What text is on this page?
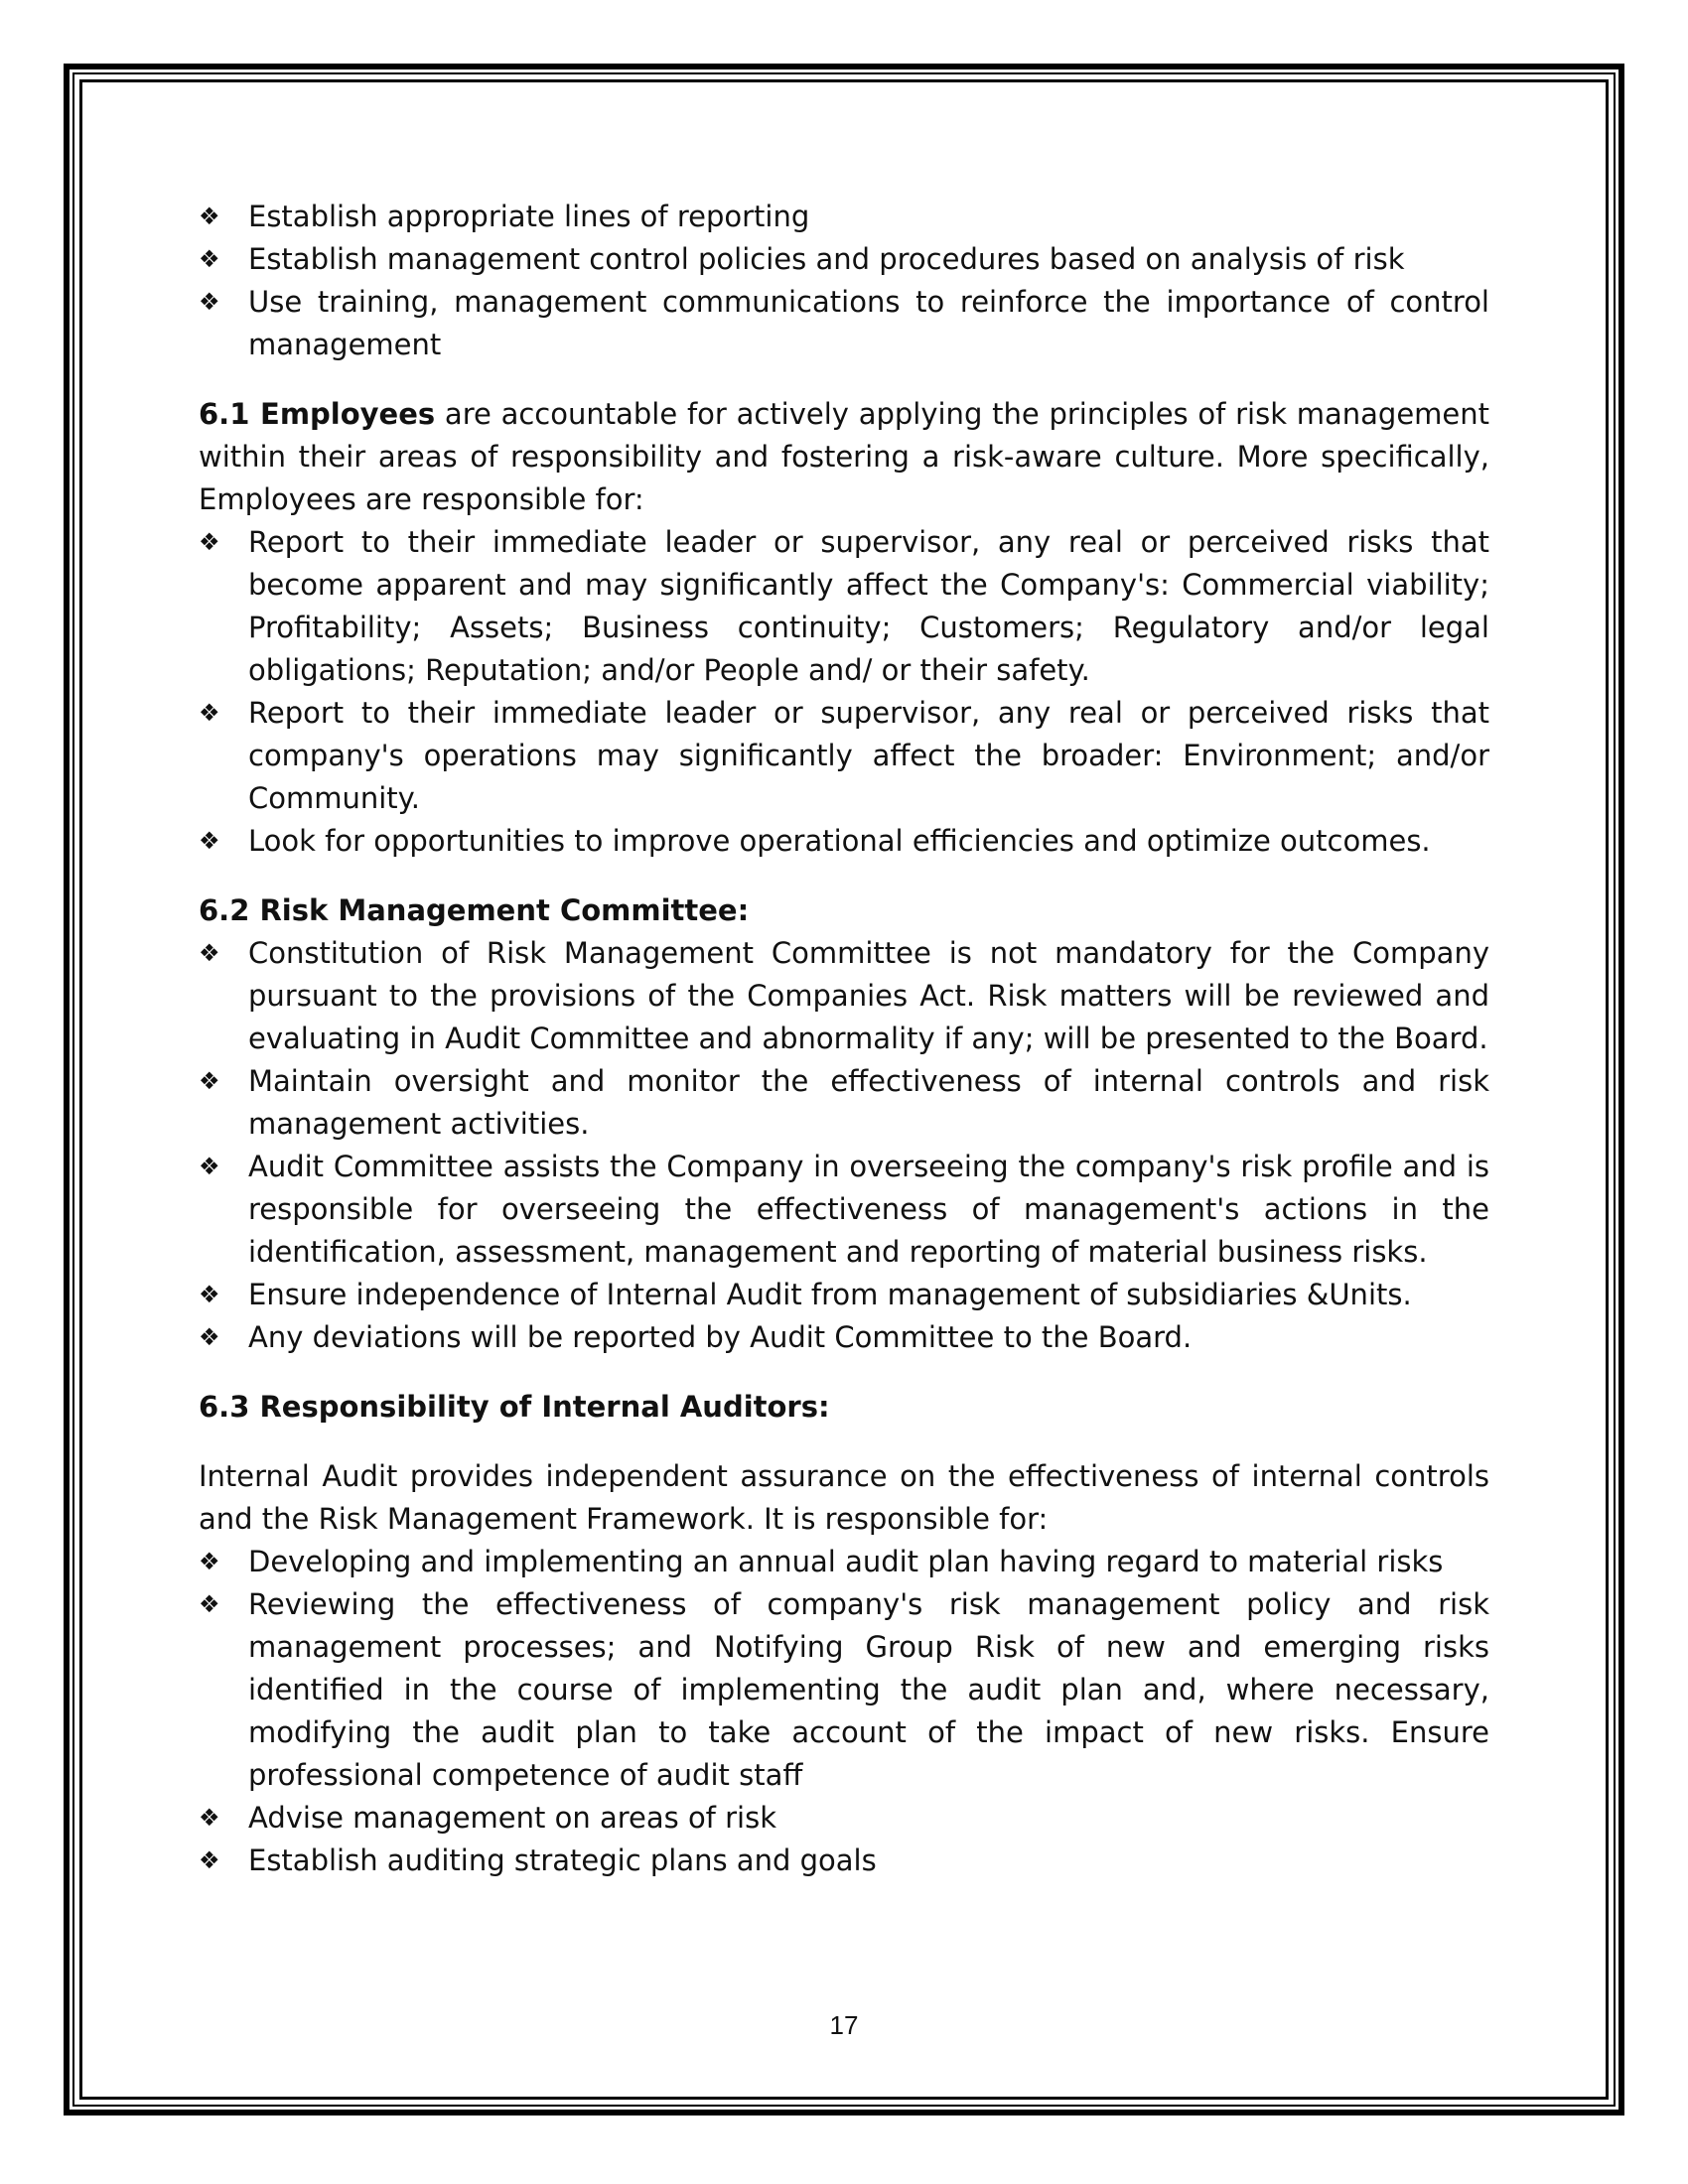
❖ Establish appropriate lines of reporting
❖ Establish management control policies and procedures based on analysis of risk
❖ Use training, management communications to reinforce the importance of control management

6.1 Employees are accountable for actively applying the principles of risk management within their areas of responsibility and fostering a risk-aware culture. More specifically, Employees are responsible for:

❖ Report to their immediate leader or supervisor, any real or perceived risks that become apparent and may significantly affect the Company's: Commercial viability; Profitability; Assets; Business continuity; Customers; Regulatory and/or legal obligations; Reputation; and/or People and/ or their safety.
❖ Report to their immediate leader or supervisor, any real or perceived risks that company's operations may significantly affect the broader: Environment; and/or Community.
❖ Look for opportunities to improve operational efficiencies and optimize outcomes.

6.2 Risk Management Committee:

❖ Constitution of Risk Management Committee is not mandatory for the Company pursuant to the provisions of the Companies Act. Risk matters will be reviewed and evaluating in Audit Committee and abnormality if any; will be presented to the Board.
❖ Maintain oversight and monitor the effectiveness of internal controls and risk management activities.
❖ Audit Committee assists the Company in overseeing the company's risk profile and is responsible for overseeing the effectiveness of management's actions in the identification, assessment, management and reporting of material business risks.
❖ Ensure independence of Internal Audit from management of subsidiaries &Units.
❖ Any deviations will be reported by Audit Committee to the Board.

6.3 Responsibility of Internal Auditors:

Internal Audit provides independent assurance on the effectiveness of internal controls and the Risk Management Framework. It is responsible for:

❖ Developing and implementing an annual audit plan having regard to material risks
❖ Reviewing the effectiveness of company's risk management policy and risk management processes; and Notifying Group Risk of new and emerging risks identified in the course of implementing the audit plan and, where necessary, modifying the audit plan to take account of the impact of new risks. Ensure professional competence of audit staff
❖ Advise management on areas of risk
❖ Establish auditing strategic plans and goals
17
